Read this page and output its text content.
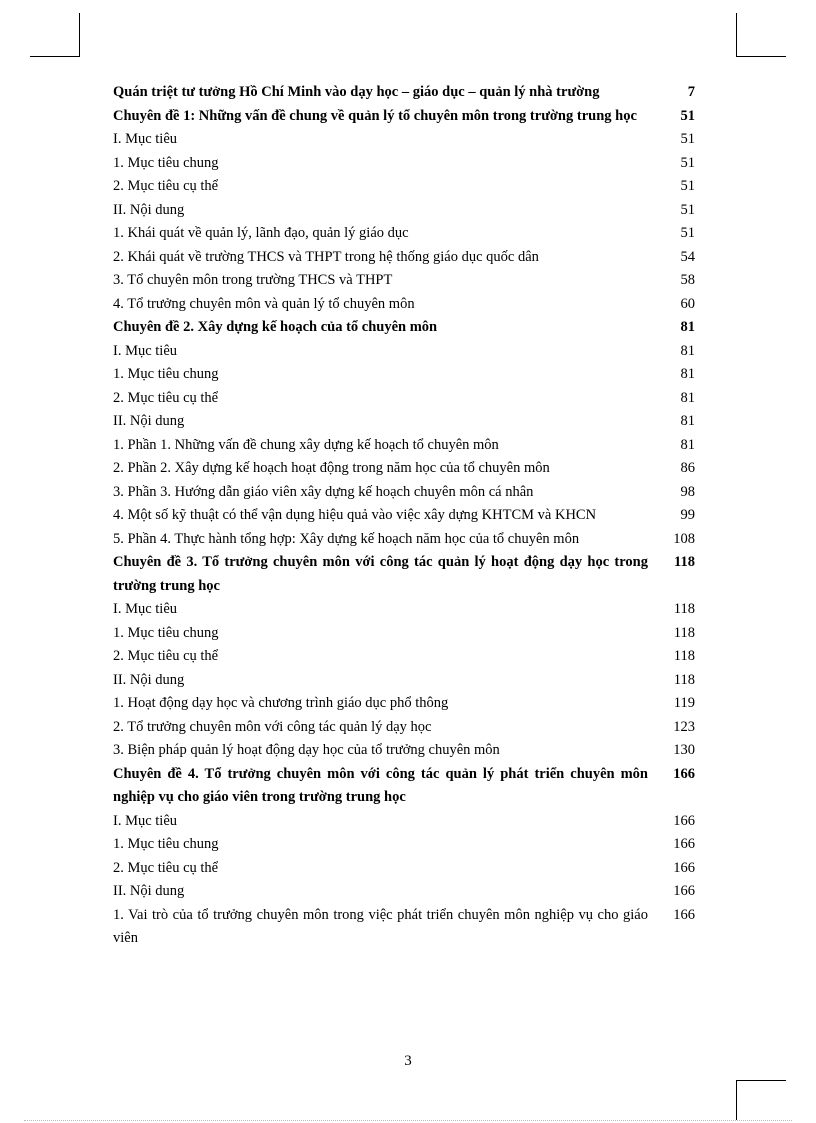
Quán triệt tư tưởng Hồ Chí Minh vào dạy học – giáo dục – quản lý nhà trường	7
Chuyên đề 1: Những vấn đề chung về quản lý tổ chuyên môn trong trường trung học	51
I. Mục tiêu	51
1. Mục tiêu chung	51
2. Mục tiêu cụ thể	51
II. Nội dung	51
1. Khái quát về quản lý, lãnh đạo, quản lý giáo dục	51
2. Khái quát về trường THCS và THPT trong hệ thống giáo dục quốc dân	54
3. Tổ chuyên môn trong trường THCS và THPT	58
4. Tổ trưởng chuyên môn và quản lý tổ chuyên môn	60
Chuyên đề 2. Xây dựng kế hoạch của tổ chuyên môn	81
I. Mục tiêu	81
1. Mục tiêu chung	81
2. Mục tiêu cụ thể	81
II. Nội dung	81
1. Phần 1. Những vấn đề chung xây dựng kế hoạch tổ chuyên môn	81
2. Phần 2. Xây dựng kế hoạch hoạt động trong năm học của tổ chuyên môn	86
3. Phần 3. Hướng dẫn giáo viên xây dựng kế hoạch chuyên môn cá nhân	98
4. Một số kỹ thuật có thể vận dụng hiệu quả vào việc xây dựng KHTCM và KHCN	99
5. Phần 4. Thực hành tổng hợp: Xây dựng kế hoạch năm học của tổ chuyên môn	108
Chuyên đề 3. Tổ trưởng chuyên môn với công tác quản lý hoạt động dạy học trong trường trung học
118
I. Mục tiêu	118
1. Mục tiêu chung	118
2. Mục tiêu cụ thể	118
II. Nội dung	118
1. Hoạt động dạy học và chương trình giáo dục phổ thông	119
2. Tổ trưởng chuyên môn với công tác quản lý dạy học	123
3. Biện pháp quản lý hoạt động dạy học của tổ trưởng chuyên môn	130
Chuyên đề 4. Tổ trưởng chuyên môn với công tác quản lý phát triển chuyên môn nghiệp vụ cho giáo viên trong trường trung học
166
I. Mục tiêu	166
1. Mục tiêu chung	166
2. Mục tiêu cụ thể	166
II. Nội dung	166
1. Vai trò của tổ trưởng chuyên môn trong việc phát triển chuyên môn nghiệp vụ cho giáo viên
166
3
